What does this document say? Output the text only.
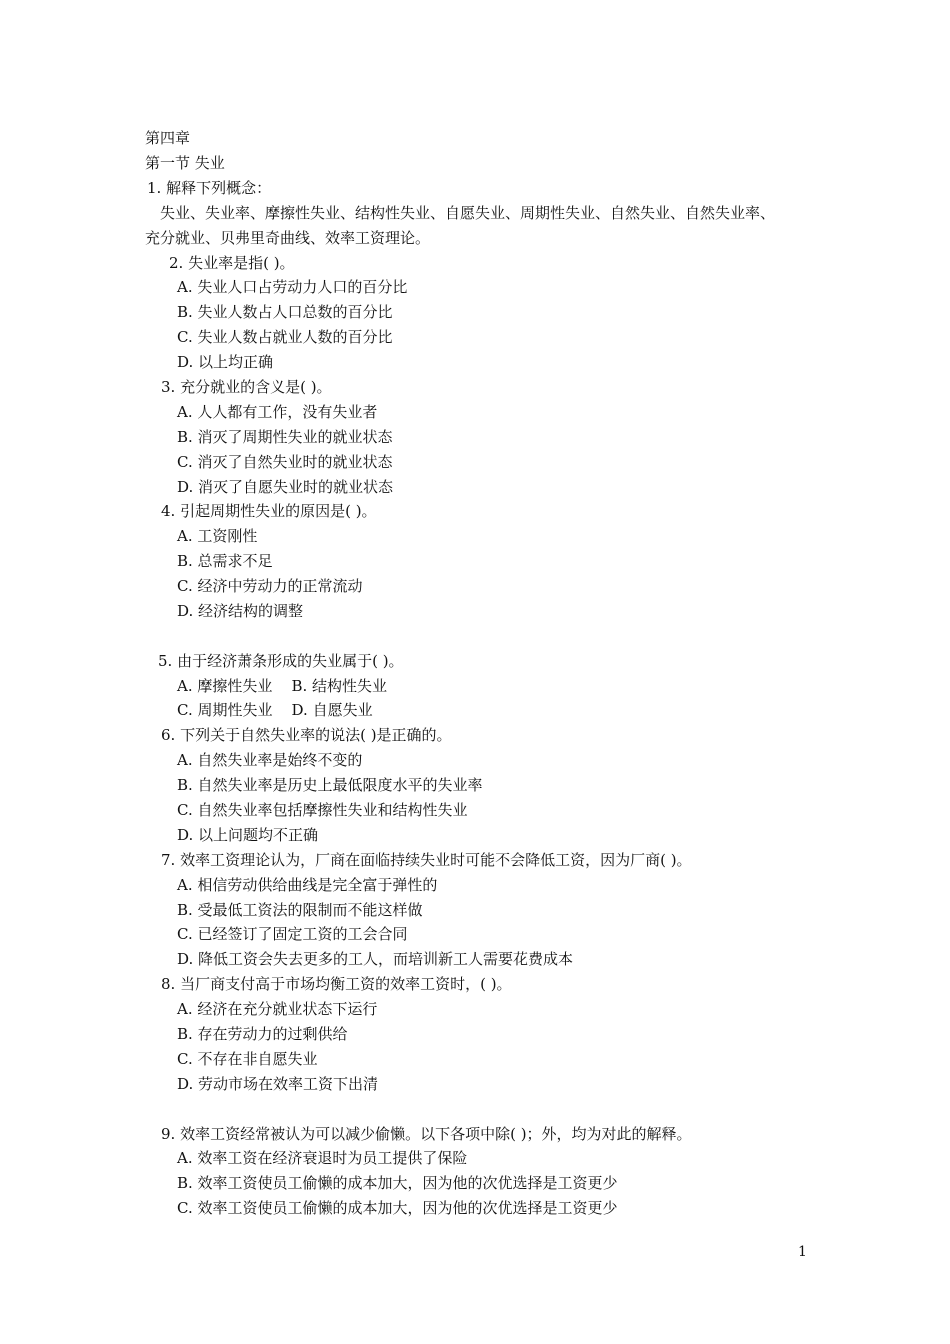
第四章
第一节 失业
1. 解释下列概念：
失业、失业率、摩擦性失业、结构性失业、自愿失业、周期性失业、自然失业、自然失业率、
充分就业、贝弗里奇曲线、效率工资理论。
2. 失业率是指( )。
A. 失业人口占劳动力人口的百分比
B. 失业人数占人口总数的百分比
C. 失业人数占就业人数的百分比
D. 以上均正确
3. 充分就业的含义是( )。
A. 人人都有工作，没有失业者
B. 消灭了周期性失业的就业状态
C. 消灭了自然失业时的就业状态
D. 消灭了自愿失业时的就业状态
4. 引起周期性失业的原因是( )。
A. 工资刚性
B. 总需求不足
C. 经济中劳动力的正常流动
D. 经济结构的调整
5. 由于经济萧条形成的失业属于( )。
A. 摩擦性失业    B. 结构性失业
C. 周期性失业    D. 自愿失业
6. 下列关于自然失业率的说法( )是正确的。
A. 自然失业率是始终不变的
B. 自然失业率是历史上最低限度水平的失业率
C. 自然失业率包括摩擦性失业和结构性失业
D. 以上问题均不正确
7. 效率工资理论认为，厂商在面临持续失业时可能不会降低工资，因为厂商( )。
A. 相信劳动供给曲线是完全富于弹性的
B. 受最低工资法的限制而不能这样做
C. 已经签订了固定工资的工会合同
D. 降低工资会失去更多的工人，而培训新工人需要花费成本
8. 当厂商支付高于市场均衡工资的效率工资时，( )。
A. 经济在充分就业状态下运行
B. 存在劳动力的过剩供给
C. 不存在非自愿失业
D. 劳动市场在效率工资下出清
9. 效率工资经常被认为可以减少偷懒。以下各项中除( )；外，均为对此的解释。
A. 效率工资在经济衰退时为员工提供了保险
B. 效率工资使员工偷懒的成本加大，因为他的次优选择是工资更少
C. 效率工资使员工偷懒的成本加大，因为他的次优选择是工资更少
1
